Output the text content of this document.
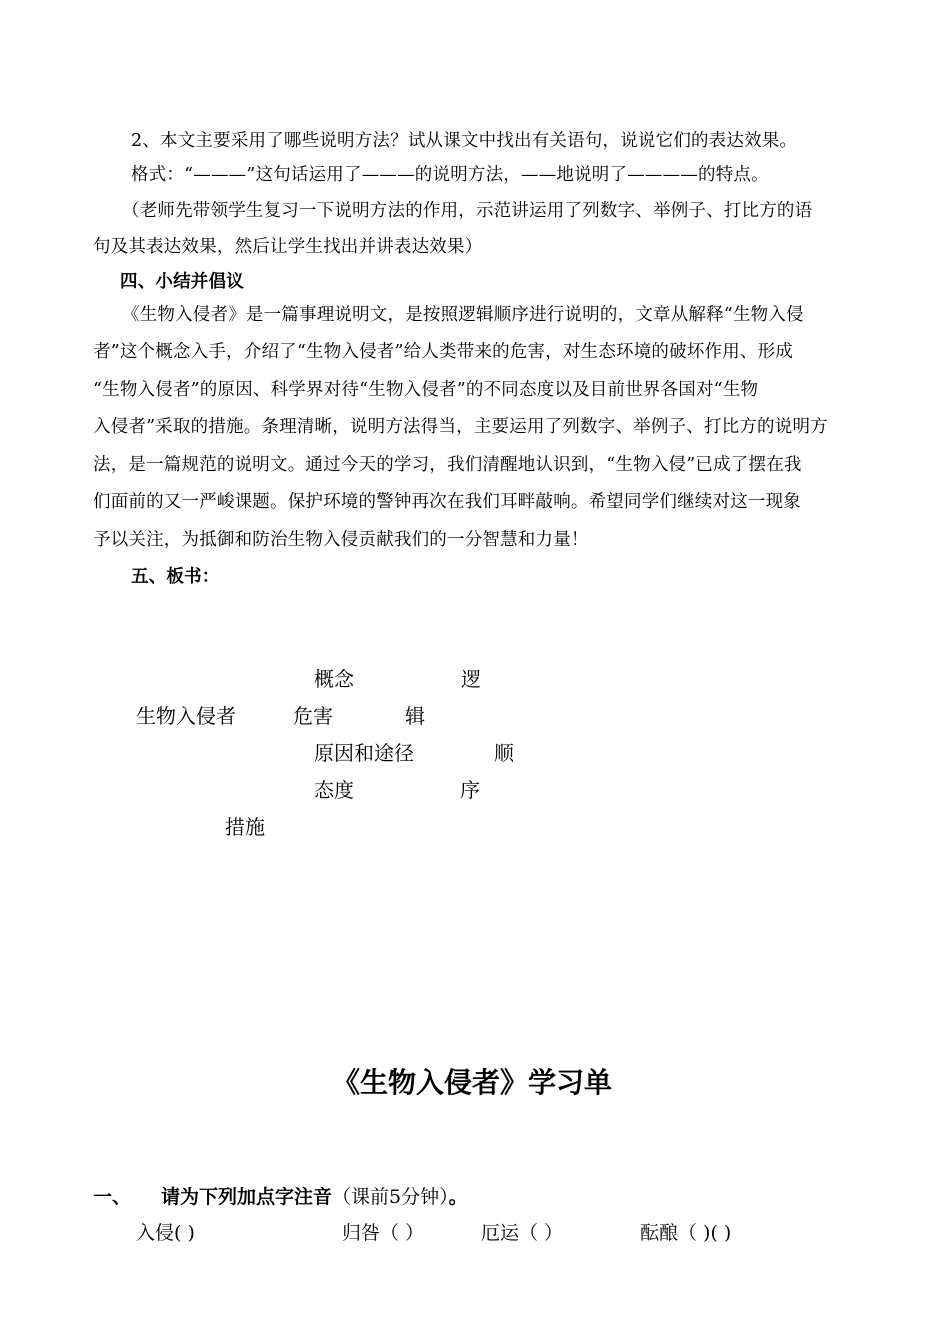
2、本文主要采用了哪些说明方法？试从课文中找出有关语句，说说它们的表达效果。
格式：“———”这句话运用了———的说明方法，——地说明了————的特点。
（老师先带领学生复习一下说明方法的作用，示范讲运用了列数字、举例子、打比方的语
句及其表达效果，然后让学生找出并讲表达效果）
四、小结并倡议
《生物入侵者》是一篇事理说明文，是按照逻辑顺序进行说明的，文章从解释“生物入侵
者”这个概念入手，介绍了“生物入侵者”给人类带来的危害，对生态环境的破坏作用、形成
“生物入侵者”的原因、科学界对待“生物入侵者”的不同态度以及目前世界各国对“生物
入侵者”采取的措施。条理清晰，说明方法得当，主要运用了列数字、举例子、打比方的说明方
法，是一篇规范的说明文。通过今天的学习，我们清醒地认识到，“生物入侵”已成了摆在我
们面前的又一严峻课题。保护环境的警钟再次在我们耳畔敲响。希望同学们继续对这一现象
予以关注，为抵御和防治生物入侵贡献我们的一分智慧和力量！
五、板书：
概念	逻
生物入侵者	危害	辑
原因和途径	顺
态度	序
措施
《生物入侵者》学习单
一、 请为下列加点字注音（课前5分钟）。
入侵( )	归咎（ ）	厄运（ ）	酝酿（ )( )
